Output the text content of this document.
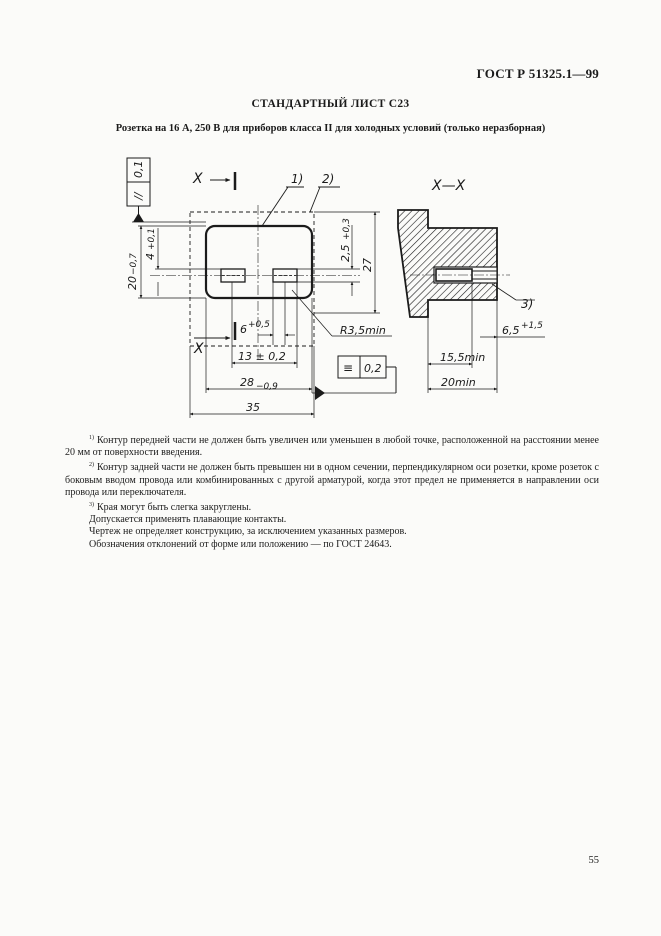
ГОСТ Р 51325.1—99
СТАНДАРТНЫЙ ЛИСТ С23
Розетка на 16 А, 250 В для приборов класса II для холодных условий (только неразборная)
X
X
1) 2)
//
0,1
20
−0,7 4
+0,1
2,5
+0,3
27
6 +0,5	R3,5min
13 ± 0,2
28 −0,9
35
≡ 0,2
X—X
3)
6,5 +1,5
15,5min
20min

$^{1)}$ Контур передней части не должен быть увеличен или уменьшен в любой точке, расположенной на расстоянии менее 20 мм от поверхности введения.

$^{2)}$ Контур задней части не должен быть превышен ни в одном сечении, перпендикулярном оси розетки, кроме розеток с боковым вводом провода или комбинированных с другой арматурой, когда этот предел не применяется в направлении оси провода или переключателя.

$^{3)}$ Края могут быть слегка закруглены.

Допускается применять плавающие контакты.

Чертеж не определяет конструкцию, за исключением указанных размеров.

Обозначения отклонений от форме или положению — по ГОСТ 24643.

55
